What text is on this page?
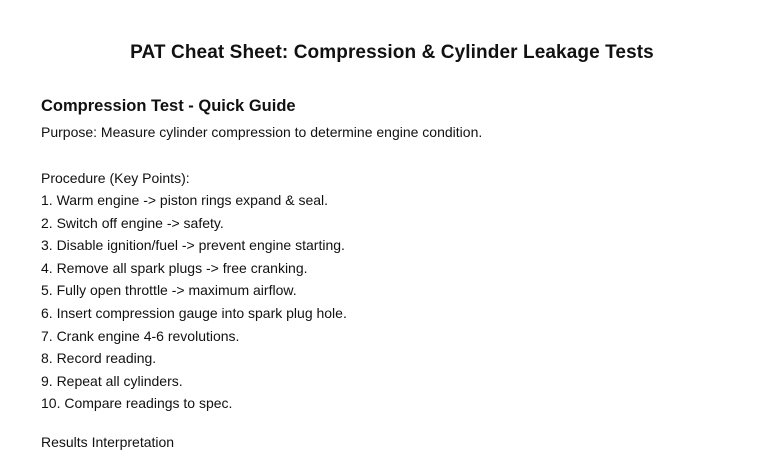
PAT Cheat Sheet: Compression & Cylinder Leakage Tests
Compression Test - Quick Guide

Purpose: Measure cylinder compression to determine engine condition.

Procedure (Key Points):

1. Warm engine -> piston rings expand & seal.
2. Switch off engine -> safety.
3. Disable ignition/fuel -> prevent engine starting.
4. Remove all spark plugs -> free cranking.
5. Fully open throttle -> maximum airflow.
6. Insert compression gauge into spark plug hole.
7. Crank engine 4-6 revolutions.
8. Record reading.
9. Repeat all cylinders.
10. Compare readings to spec.

Results Interpretation
